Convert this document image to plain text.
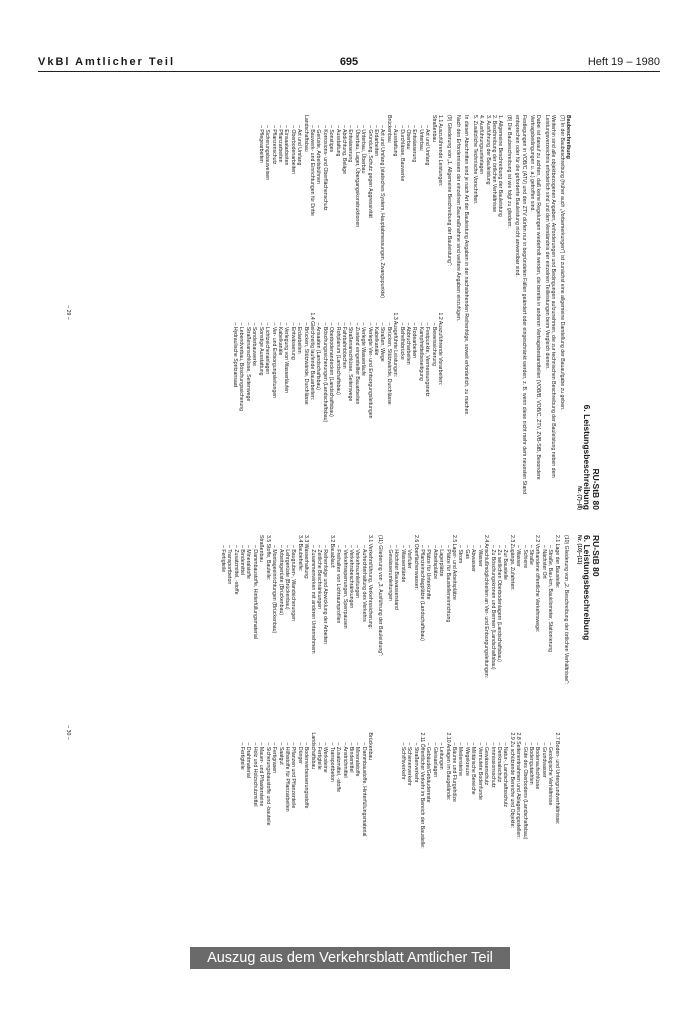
VkBl Amtlicher Teil	695	Heft 19 – 1980
RU-StB 80
6. Leistungsbeschreibung
Nr. (7)–(8)
Baubeschreibung
(7) In der Baubeschreibung (früher auch „Vorbemerkungen") ist zunächst eine allgemeine Darstellung der Bauaufgabe zu geben.
Weiterhin sind alle objektbezogenen Angaben, Anforderungen und Bedingungen aufzunehmen, die zur technischen Beschreibung der Bauleistung neben dem Leistungsverzeichnis erforderlich sind und den Verständnis der einzelnen Teilleistungen beim Vergleich dienen.
Dabei ist darauf zu achten, daß keine Regelungen wiederholt werden, die bereits in anderen Vertragsbestandteilen (VOB/B, VOB/C, ZTV, ZVB-StB, Besondere Vertragsbedingungen u. a.) getroffen sind.
Festlegungen in VOB/C (ATV) und den ZTV dürfen nur in begründeten Fällen geändert oder eingeschränkt werden, z. B. wenn diese nicht mehr dem neuesten Stand entsprechen oder für die geforderte Bauleistung nicht anwendbar sind.
(8) Die Baubeschreibung ist wie folgt zu gliedern:
1. Allgemeine Beschreibung der Bauleistung
2. Beschreibung der örtlichen Verhältnisse
3. Ausführung der Bauleistung
4. Ausführungsunterlagen
5. Zusätzliche Technische Vorschriften.
In diesen Abschnitten sind je nach Art der Bauleistung Angaben in der nachstehenden Reihenfolge, soweit erforderlich, zu machen.
Nach den Erfordernissen der einzelnen Baumaßnahme sind weitere Angaben einzufügen.
(9) Gliederung von „1. Allgemeine Beschreibung der Bauleistung":
1.1 Auszuführende Leistungen:
Straßenbau
– Art und Umfang
– Unterbau
– Entwässerung
– Oberbau
– Durchlässe, Bauwerke
– Ausstattung
Brückenbau
– Art und Umfang (statisches System, Hauptabmessungen, Zwangspunkte)
– Erdarbeiten
– Gründung, Schutz gegen Aggressivität
– Unterbau, Überbau
– Überbau, Lager, Übergangskonstruktionen
– Entwässerung
– Abdichtung, Beläge
– Ausstattung
– Sonstiges
– Korrosions- und Oberflächenschutz
– Gerüste, Arbeitsbühnen
– Bauwerk- und Einrichtungen für Dritte
Landschaftsbau
– Art und Umfang
– Oberbodenarbeiten
– Einsaatarbeiten
– Pflanzarbeiten
– Pflanzenschutz
– Sicherungsbauweisen
– Pflegearbeiten
1.2 Auszuführende Vorarbeiten:
– Beweissicherung
– Festpunkte, Vermessungsnetz
– Kampfmittelbeseitigung
– Rodearbeiten
– Abbrucharbeiten
– Behelfsbrücke
1.3 Ausgeführte Leistungen:
– Brücken, Stützwände, Durchlässe
– Straßen, Wege
– Kabelkanäle
– Verlegte Ver- und Entsorgungsleitungen
– Verlegte Wasserläufe
– Zustand eingestellter Bauarbeiten
– Straßenanschlüsse, Seitenwege
– Fahrbahnböschen
– Rohplanum (Landschaftsbau)
– Oberbodenandecken (Landschaftsbau)
– Böschungssicherungen (Landschaftsbau)
– Ansaaten (Landschaftsbau)
1.4 Gleichzeitig laufende Bauarbeiten:
– Brücken, Stützwände, Durchlässe
– Erdarbeiten
– Entwässerung
– Verlegung von Wasserläufen
– Kabelkanäle
– Ver- und Entsorgungsleitungen
– Lichtzeichenanlagen
– Sonstige Ausstattung
– Sonderbauwerke
– Straßenanschlüsse, Seitenwege
– Lebendverbau, Böschungssicherung
– Hydraulische Spritzansaat
– 29 –
RU-StB 80
6. Leistungsbeschreibung
Nr. (10)–(11)
(10) Gliederung von „2. Beschreibung der örtlichen Verhältnisse":
2.1 Lage der Baustelle:
– Straße, Bau-km, Baukilometer, Stationierung
– Nächster Ort
2.2 Vorhandene öffentliche Verkehrswege:
– Straße
– Schiene
– Wasser
2.3 Zugänge, Zufahrten:
– Zur Baustelle
– Zu seitlichen Oberbodenlagern (Landschaftsbau)
– Zu Böschungskronen und Bermen (Landschaftsbau)
2.4 Anschlußmöglichkeiten an Ver- und Entsorgungsleitungen:
– Wasser
– Abwasser
– Gas
– Strom
2.5 Lager- und Arbeitsplätze
– Plätze für Baustelleneinrichtung
– Lagerplätze
– Arbeitsplätze
– Plätze für Unterkünfte
– Pflanzeinschlagplätze (Landschaftsbau)
2.6 Oberflächenwasser:
– Vorfluter
– Wasserstände
– Höchster Bauwasserstand
– Gewässerumleitungen
2.7 Boden- und Untergrundverhältnisse:
– Geologische Verhältnisse
– Grundwasser
– Bodenaufschlüsse
– Bodengutachten
– Güte des Oberbodens (Landschaftsbau)
2.8 Seitenentnahmen und Ablagerungsstellen:
2.9 Zu schützende Bereiche und Objekte:
– Natur-, Landschaftsschutz
– Denkmalschutz
– Immissionsschutz
– Gewässerschutz
– Vermutete Bodenfunde
– Militärische Bereiche
– Wegekreuze
– Meilensteine
– Bäume und Flurgehölze
2.10 Anlagen im Baugelände:
– Leitungen
– Gleisanlagen
– Gebäude/Gebäudereste
2.11 Öffentlicher Verkehr im Bereich der Baustelle:
– Straßenverkehr
– Schienenverkehr
– Schiffsverkehr
(11) Gliederung von „3. Ausführung der Bauleistung":
3.1 Verkehrsführung, Verkehrssicherung:
– Aufrechterhaltung des Verkehrs
– Verkehrsumleitungen
– Verkehrsbeschränkungen
– Verkehrssperrungen, Sperrpausen
– Freihalten von Lichtraumprofilen
3.2 Bauablauf:
– Reihenfolge und Abwicklung der Arbeiten
– Zeitliche Beschränkungen
– Zusammenwirken mit anderen Unternehmern
3.3 Wasserhaltung:
3.4 Baubehelfe:
– Baugruben-, Wandsicherungen
– Lehrgerüste (Brückenbau)
– Arbeitsgerüste (Brückenbau)
– Montageeinrichtungen (Brückenbau)
3.5 Stoffe, Bauteile:
Straßenbau
– Dammbaustoffe, Hinterfüllungsmaterial
– Mineralstoffe
– Bindemittel
– Zusatzmittel, -stoffe
– Transportbeton
– Fertigteile
Brückenbau
– Dammbaustoffe, Hinterfüllungsmaterial
– Mineralstoffe
– Bindemittel
– Anstrichmittel
– Zusatzmittel, -stoffe
– Transportbeton
– Werksteine
– Fertigteile
Landschaftsbau
– Bodenverbesserungsstoffe
– Dünger
– Pflanzen und Pflanzenteile
– Hilfsstoffe für Pflanzarbeiten
– Saatgut
– Fertigrasen
– Sicherungsbaustoffe und -bauteile
– Mauer- und Pflastersteine
– Holz und Holzschutzmittel
– Drahtmaterial
– Fertigteile
– 30 –
Auszug aus dem Verkehrsblatt Amtlicher Teil
